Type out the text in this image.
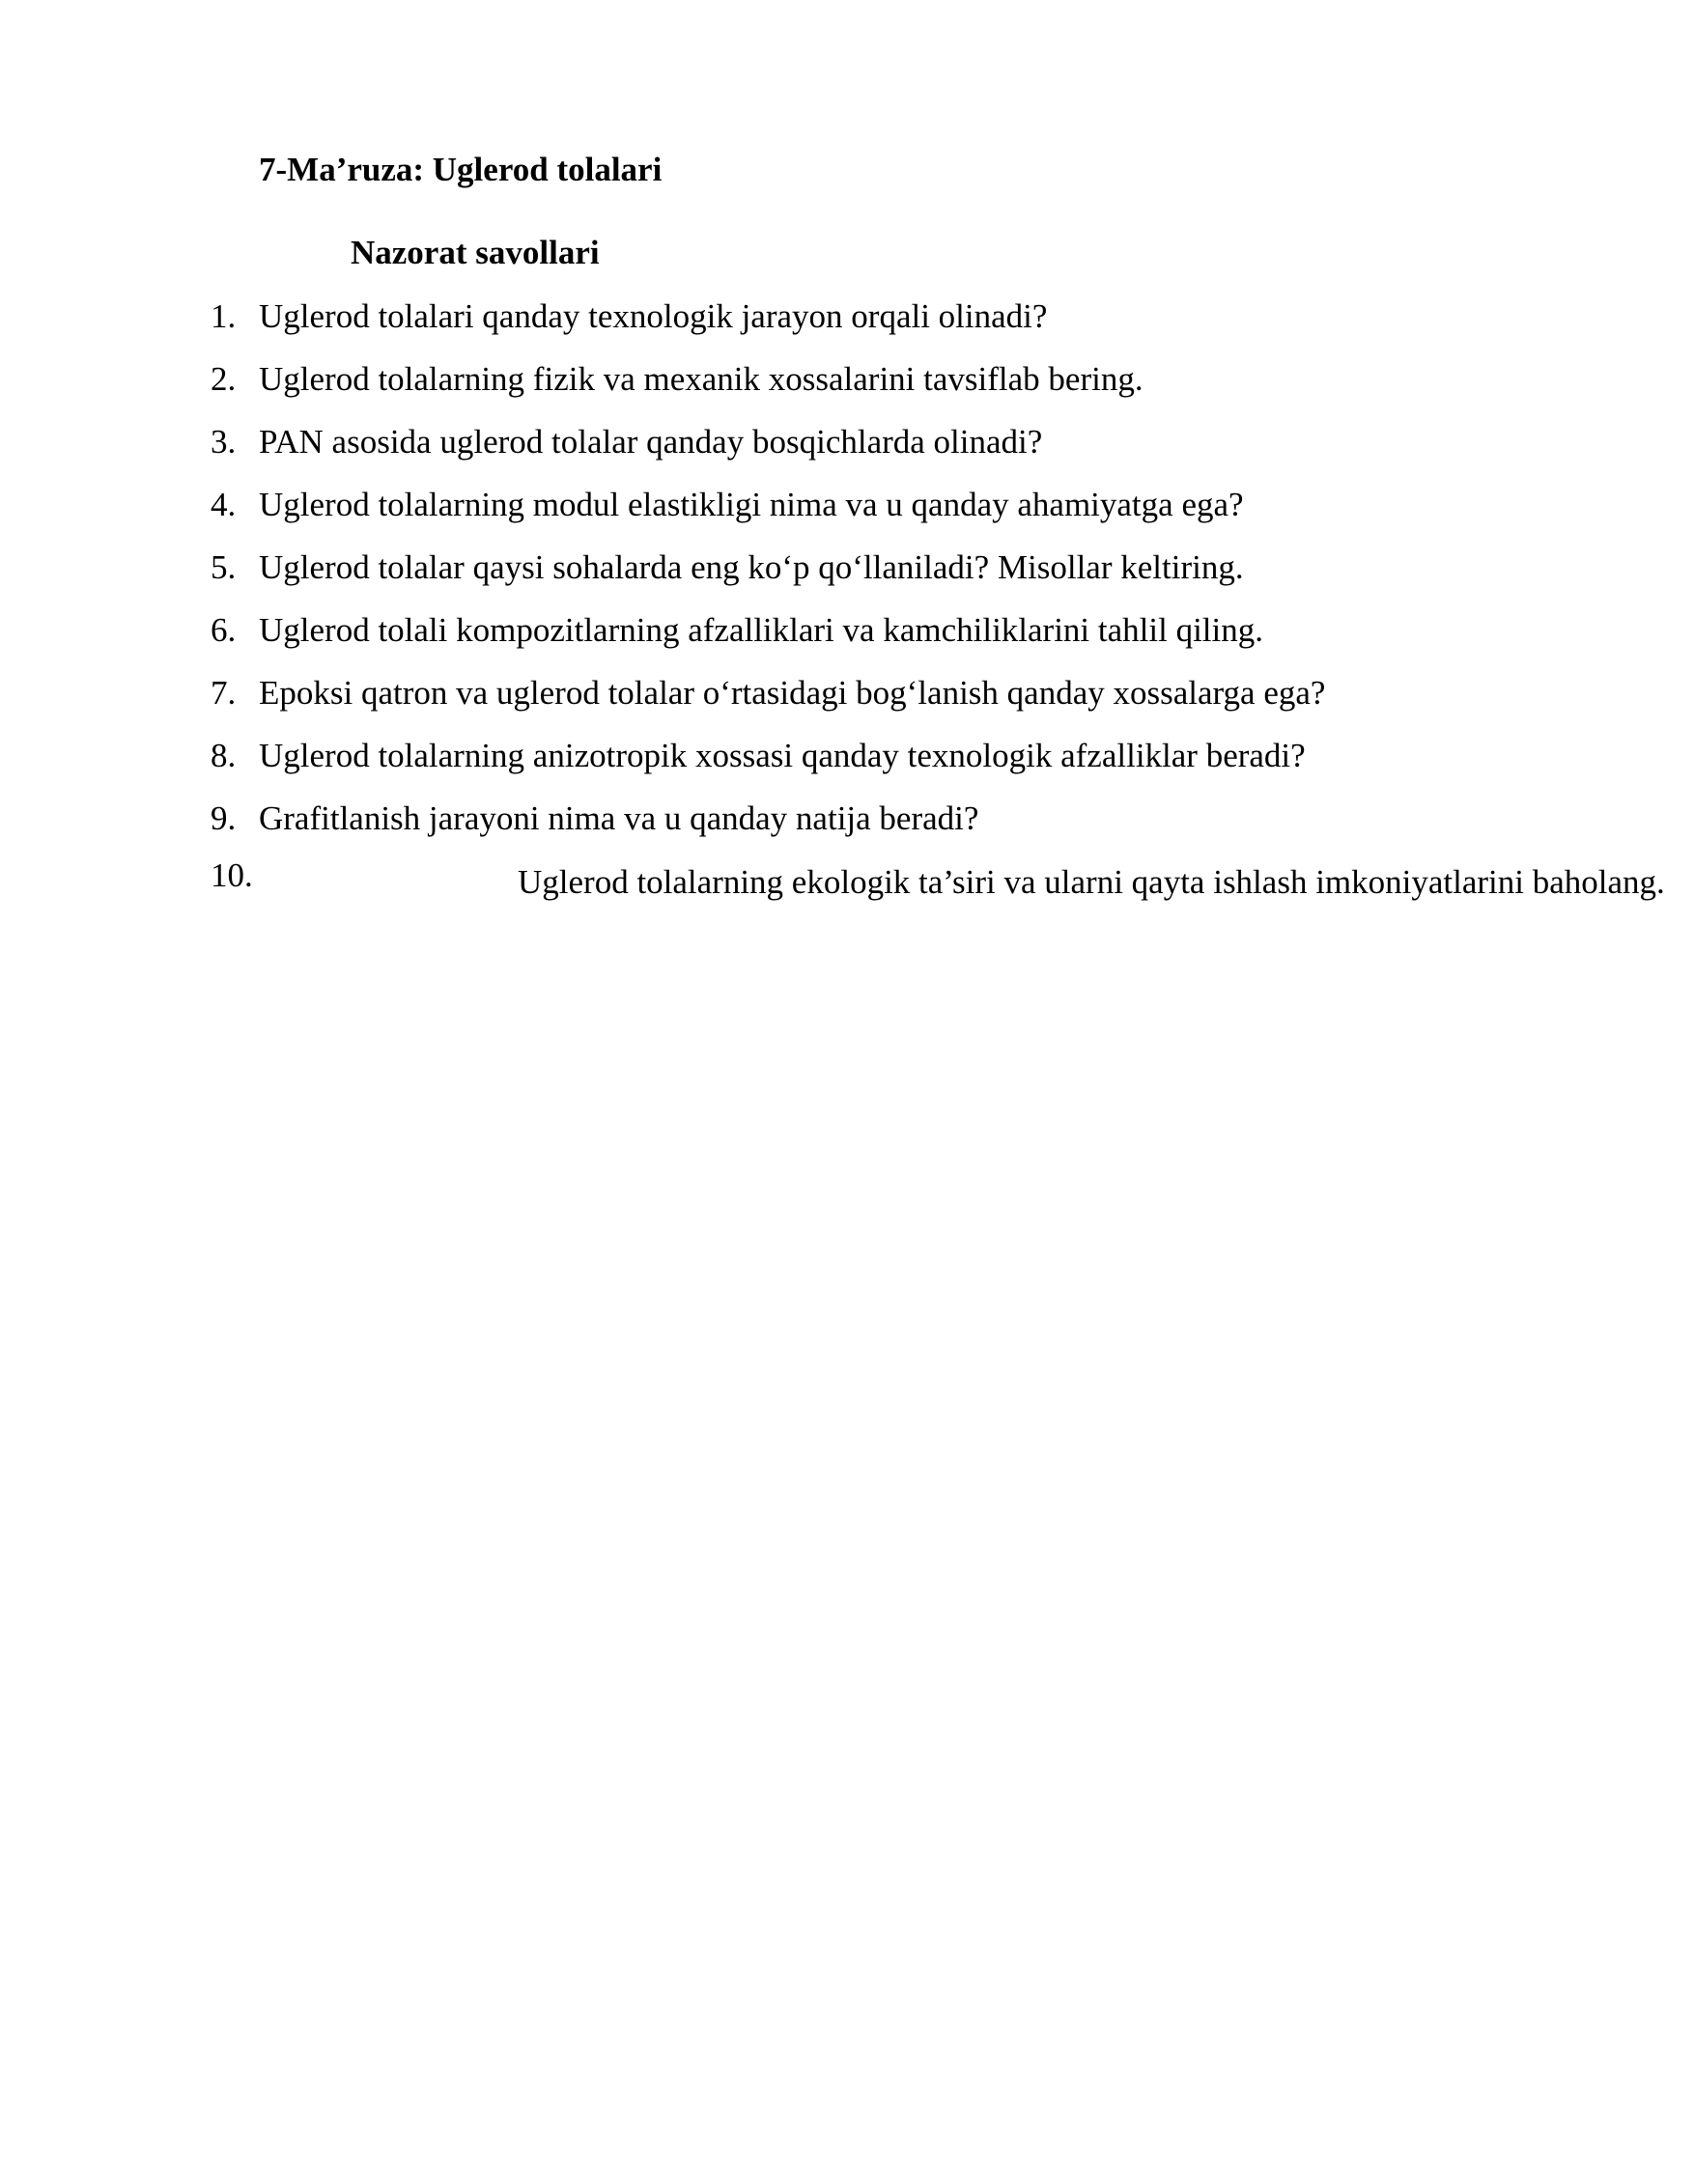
7-Ma’ruza: Uglerod tolalari
Nazorat savollari
1. Uglerod tolalari qanday texnologik jarayon orqali olinadi?
2. Uglerod tolalarning fizik va mexanik xossalarini tavsiflab bering.
3. PAN asosida uglerod tolalar qanday bosqichlarda olinadi?
4. Uglerod tolalarning modul elastikligi nima va u qanday ahamiyatga ega?
5. Uglerod tolalar qaysi sohalarda eng ko‘p qo‘llaniladi? Misollar keltiring.
6. Uglerod tolali kompozitlarning afzalliklari va kamchiliklarini tahlil qiling.
7. Epoksi qatron va uglerod tolalar o‘rtasidagi bog‘lanish qanday xossalarga ega?
8. Uglerod tolalarning anizotropik xossasi qanday texnologik afzalliklar beradi?
9. Grafitlanish jarayoni nima va u qanday natija beradi?
10.	Uglerod tolalarning ekologik ta’siri va ularni qayta ishlash imkoniyatlarini baholang.
